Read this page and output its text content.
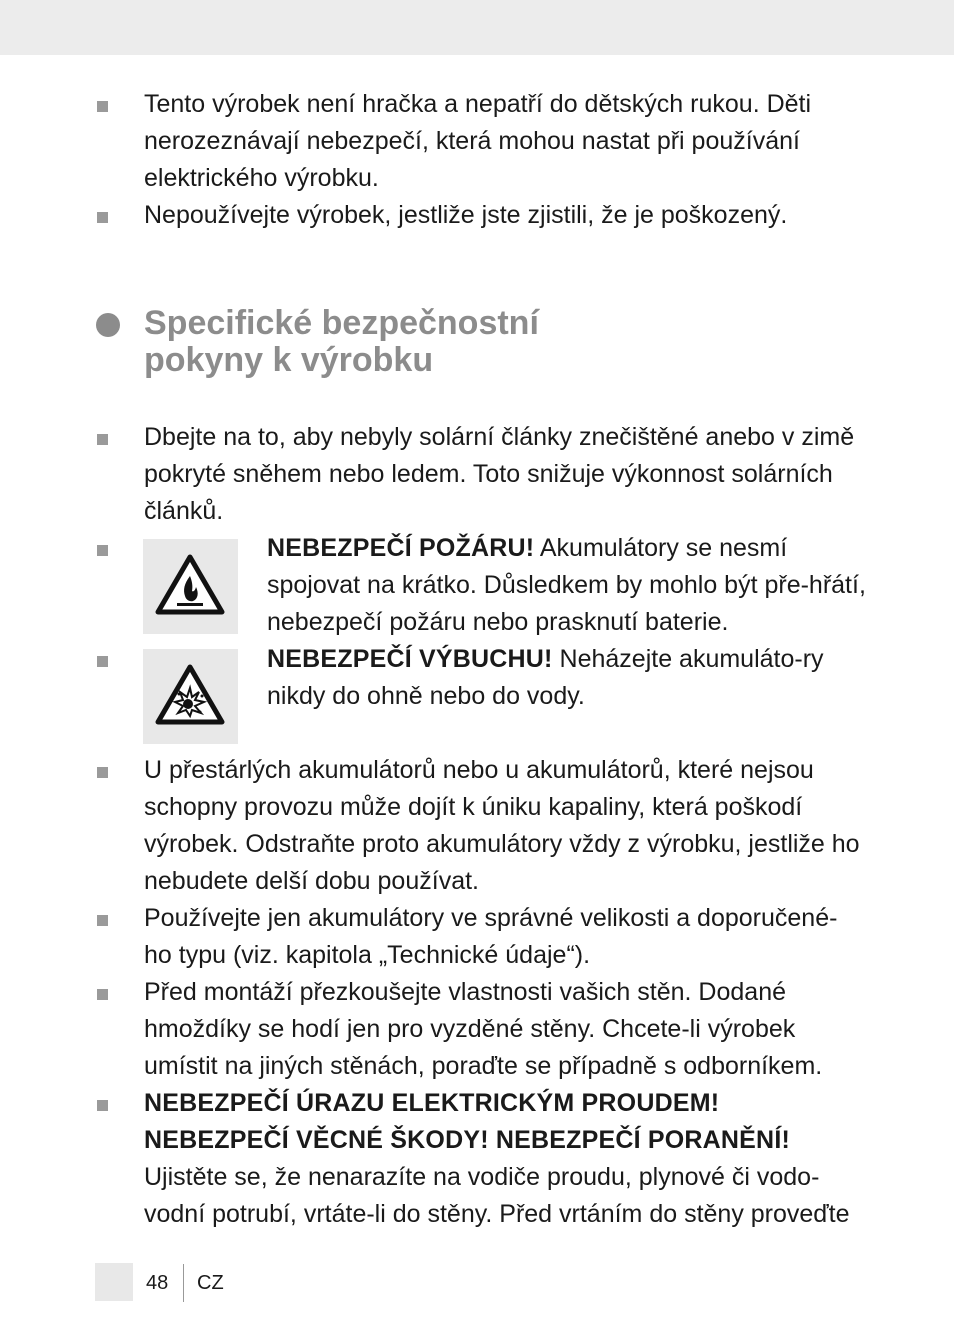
Tento výrobek není hračka a nepatří do dětských rukou. Děti nerozeznávají nebezpečí, která mohou nastat při používání elektrického výrobku.
Nepoužívejte výrobek, jestliže jste zjistili, že je poškozený.
Specifické bezpečnostní
pokyny k výrobku
Dbejte na to, aby nebyly solární články znečištěné anebo v zimě pokryté sněhem nebo ledem. Toto snižuje výkonnost solárních článků.
NEBEZPEČÍ POŽÁRU! Akumulátory se nesmí spojovat na krátko. Důsledkem by mohlo být pře-hřátí, nebezpečí požáru nebo prasknutí baterie.
NEBEZPEČÍ VÝBUCHU! Neházejte akumuláto-ry nikdy do ohně nebo do vody.
U přestárlých akumulátorů nebo u akumulátorů, které nejsou schopny provozu může dojít k úniku kapaliny, která poškodí výrobek. Odstraňte proto akumulátory vždy z výrobku, jestliže ho nebudete delší dobu používat.
Používejte jen akumulátory ve správné velikosti a doporučené-ho typu (viz. kapitola „Technické údaje“).
Před montáží přezkoušejte vlastnosti vašich stěn. Dodané hmoždíky se hodí jen pro vyzděné stěny. Chcete-li výrobek umístit na jiných stěnách, poraďte se případně s odborníkem.
NEBEZPEČÍ ÚRAZU ELEKTRICKÝM PROUDEM!
NEBEZPEČÍ VĚCNÉ ŠKODY! NEBEZPEČÍ PORANĚNÍ!
Ujistěte se, že nenarazíte na vodiče proudu, plynové či vodo-vodní potrubí, vrtáte-li do stěny. Před vrtáním do stěny proveďte
48 CZ
